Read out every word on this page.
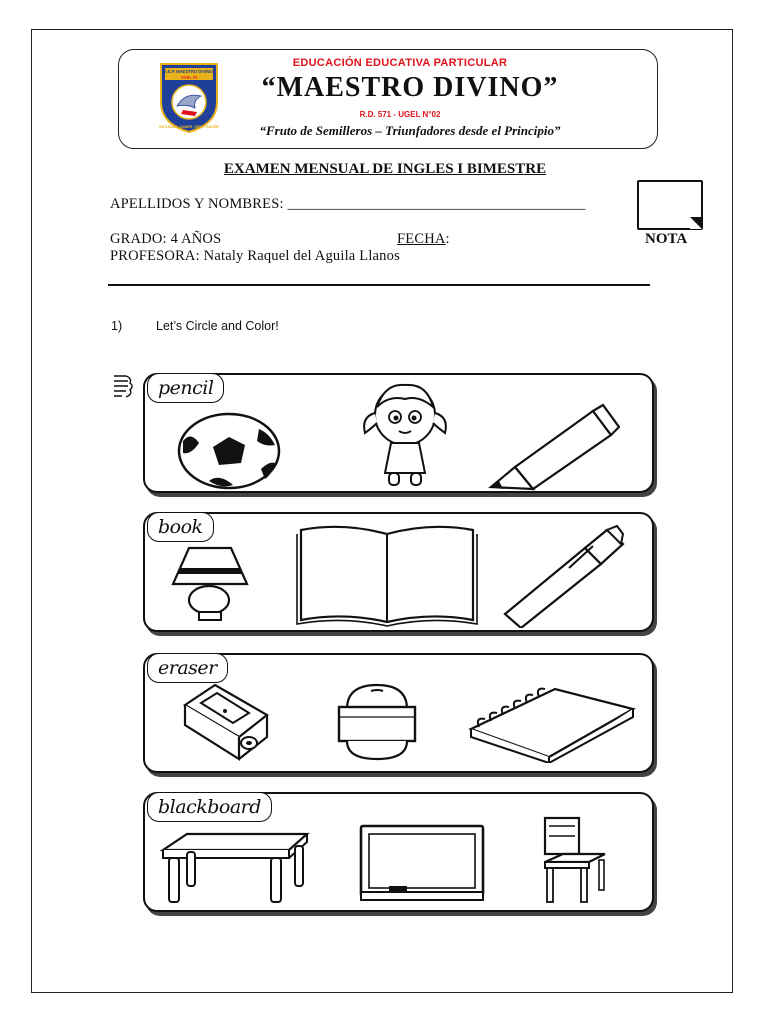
I.E.P. MAESTRO DIVINO
UGEL 02
ESTUDIAR, SABER, SER Y HACER
EDUCACIÓN EDUCATIVA PARTICULAR
“MAESTRO DIVINO”
R.D. 571 - UGEL N°02
“Fruto de Semilleros – Triunfadores desde el Principio”
EXAMEN MENSUAL DE INGLES I BIMESTRE
APELLIDOS Y NOMBRES: ________________________________________
GRADO: 4 AÑOS	FECHA:
PROFESORA: Nataly Raquel del Aguila Llanos
NOTA
1)	Let’s Circle and Color!
pencil
book
eraser
blackboard
